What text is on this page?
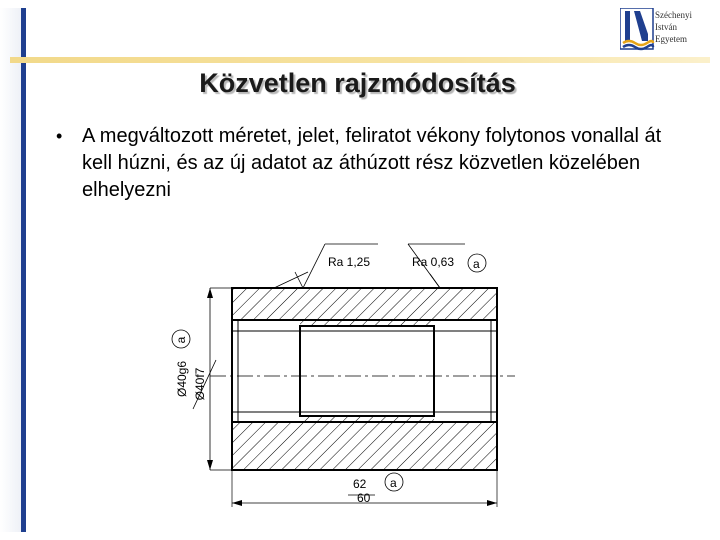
Széchenyi
István
Egyetem
Közvetlen rajzmódosítás
• A megváltozott méretet, jelet, feliratot vékony folytonos vonallal át kell húzni, és az új adatot az áthúzott rész közvetlen közelében elhelyezni
Ø40f7
Ø40g6
a
62 a
60
Ra 1,25	Ra 0,63 a
